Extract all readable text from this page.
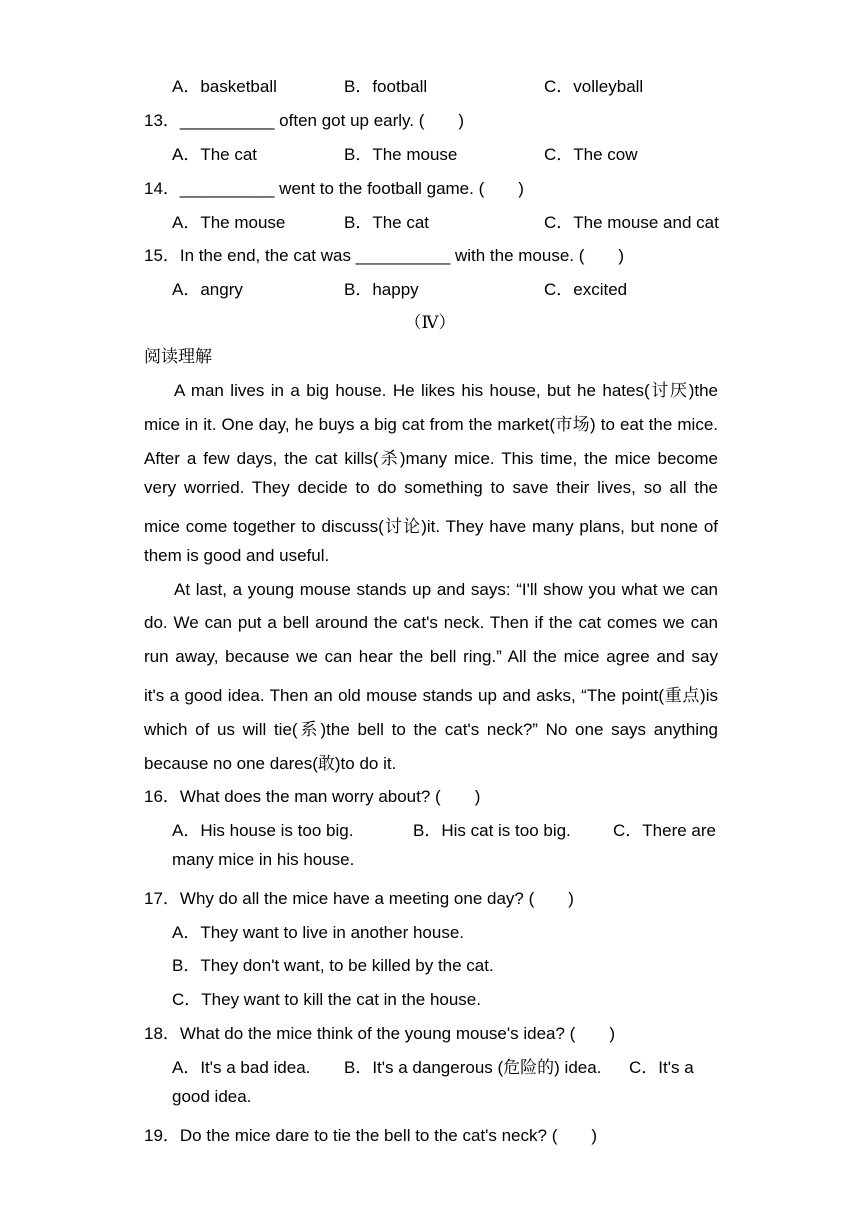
A．basketball	B．football	C．volleyball
13．__________ often got up early. (　　)
A．The cat	B．The mouse	C．The cow
14．__________ went to the football game. (　　)
A．The mouse	B．The cat	C．The mouse and cat
15．In the end, the cat was __________ with the mouse. (　　)
A．angry	B．happy	C．excited
（Ⅳ）
阅读理解
A man lives in a big house. He likes his house, but he hates(讨厌)the
mice in it. One day, he buys a big cat from the market(市场) to eat the mice.
After a few days, the cat kills(杀)many mice. This time, the mice become
very worried. They decide to do something to save their lives, so all the
mice come together to discuss(讨论)it. They have many plans, but none of
them is good and useful.
At last, a young mouse stands up and says: “I'll show you what we can
do. We can put a bell around the cat's neck. Then if the cat comes we can
run away, because we can hear the bell ring.” All the mice agree and say
it's a good idea. Then an old mouse stands up and asks, “The point(重点)is
which of us will tie(系)the bell to the cat's neck?” No one says anything
because no one dares(敢)to do it.
16．What does the man worry about? (　　)
A．His house is too big.	B．His cat is too big. C．There are
many mice in his house.
17．Why do all the mice have a meeting one day? (　　)
A．They want to live in another house.
B．They don't want, to be killed by the cat.
C．They want to kill the cat in the house.
18．What do the mice think of the young mouse's idea? (　　)
A．It's a bad idea. B．It's a dangerous (危险的) idea. C．It's a
good idea.
19．Do the mice dare to tie the bell to the cat's neck? (　　)
